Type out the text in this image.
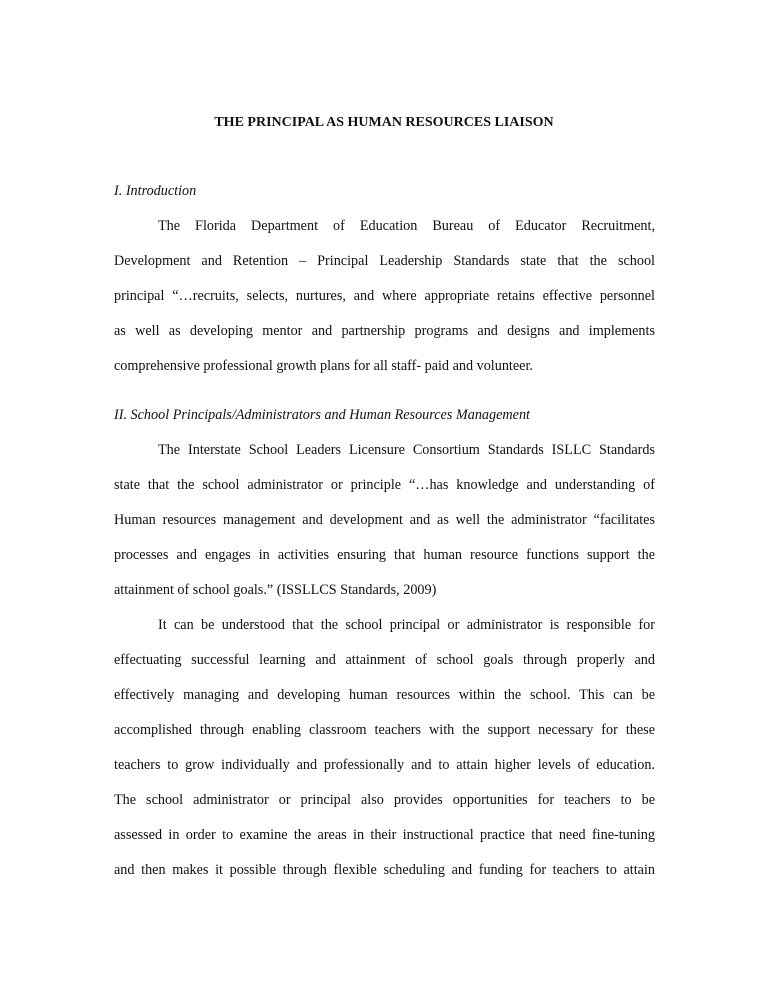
THE PRINCIPAL AS HUMAN RESOURCES LIAISON
I. Introduction
The Florida Department of Education Bureau of Educator Recruitment,
Development and Retention – Principal Leadership Standards state that the school
principal “…recruits, selects, nurtures, and where appropriate retains effective personnel
as well as developing mentor and partnership programs and designs and implements
comprehensive professional growth plans for all staff- paid and volunteer.
II. School Principals/Administrators and Human Resources Management
The Interstate School Leaders Licensure Consortium Standards ISLLC Standards
state that the school administrator or principle “…has knowledge and understanding of
Human resources management and development and as well the administrator “facilitates
processes and engages in activities ensuring that human resource functions support the
attainment of school goals.” (ISSLLCS Standards, 2009)
It can be understood that the school principal or administrator is responsible for
effectuating successful learning and attainment of school goals through properly and
effectively managing and developing human resources within the school. This can be
accomplished through enabling classroom teachers with the support necessary for these
teachers to grow individually and professionally and to attain higher levels of education.
The school administrator or principal also provides opportunities for teachers to be
assessed in order to examine the areas in their instructional practice that need fine-tuning
and then makes it possible through flexible scheduling and funding for teachers to attain
